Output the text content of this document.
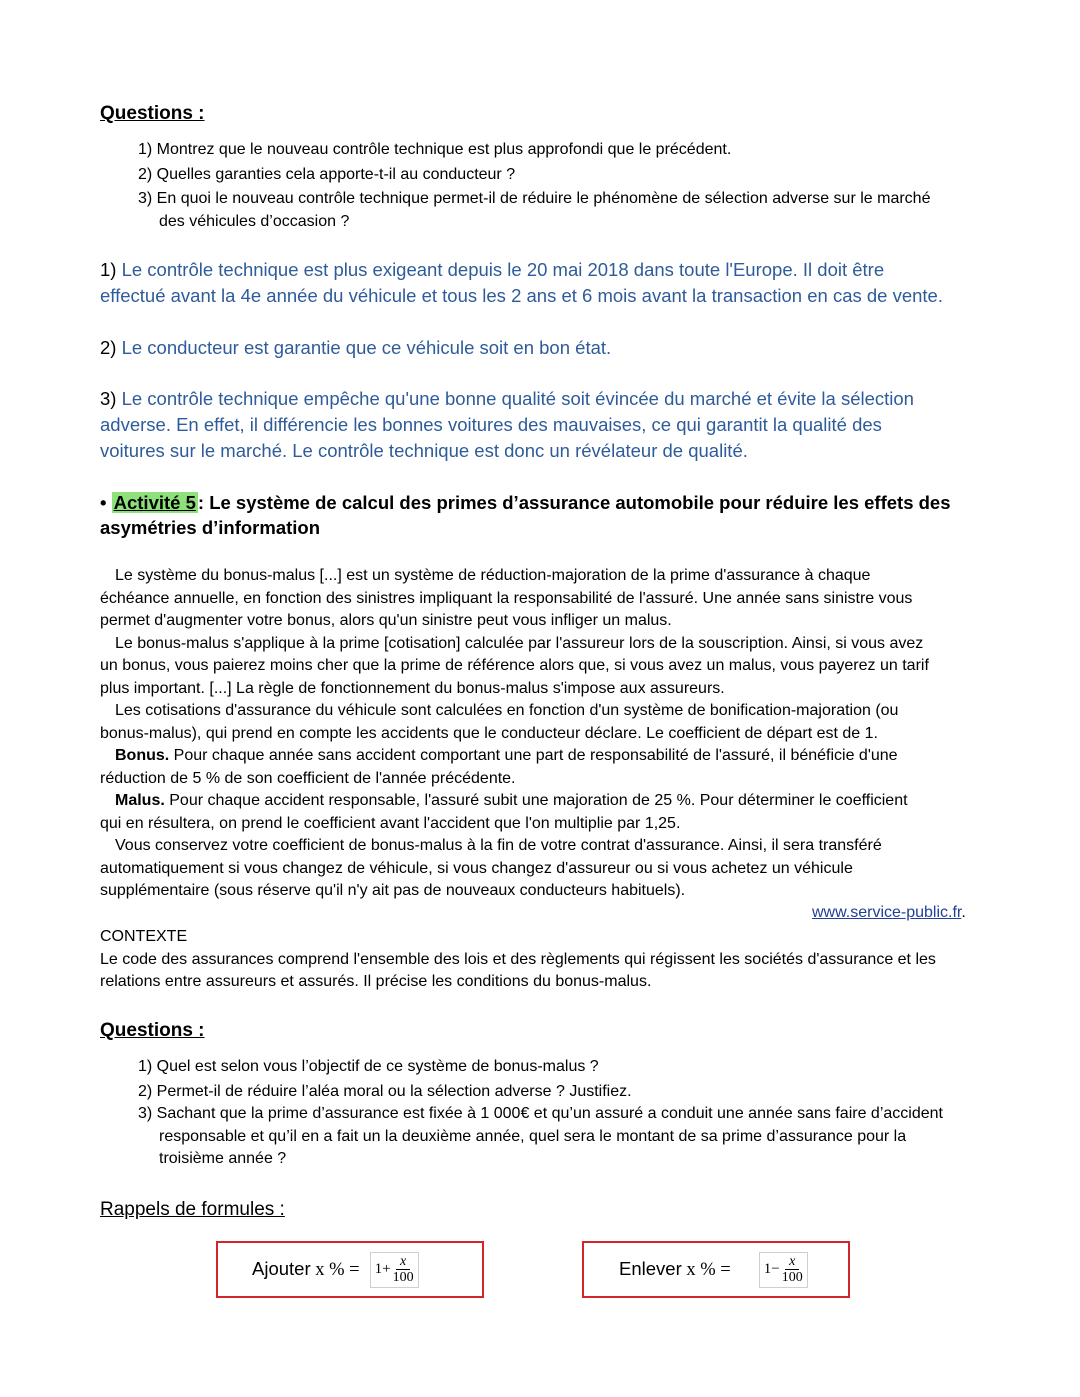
Questions :
1) Montrez que le nouveau contrôle technique est plus approfondi que le précédent.
2) Quelles garanties cela apporte-t-il au conducteur ?
3) En quoi le nouveau contrôle technique permet-il de réduire le phénomène de sélection adverse sur le marché
des véhicules d’occasion ?
1) Le contrôle technique est plus exigeant depuis le 20 mai 2018 dans toute l'Europe. Il doit être
effectué avant la 4e année du véhicule et tous les 2 ans et 6 mois avant la transaction en cas de vente.
2) Le conducteur est garantie que ce véhicule soit en bon état.
3) Le contrôle technique empêche qu'une bonne qualité soit évincée du marché et évite la sélection
adverse. En effet, il différencie les bonnes voitures des mauvaises, ce qui garantit la qualité des
voitures sur le marché. Le contrôle technique est donc un révélateur de qualité.
• Activité 5 : Le système de calcul des primes d’assurance automobile pour réduire les effets des
asymétries d’information
Le système du bonus-malus [...] est un système de réduction-majoration de la prime d'assurance à chaque
échéance annuelle, en fonction des sinistres impliquant la responsabilité de l'assuré. Une année sans sinistre vous
permet d'augmenter votre bonus, alors qu'un sinistre peut vous infliger un malus.
Le bonus-malus s'applique à la prime [cotisation] calculée par l'assureur lors de la souscription. Ainsi, si vous avez
un bonus, vous paierez moins cher que la prime de référence alors que, si vous avez un malus, vous payerez un tarif
plus important. [...] La règle de fonctionnement du bonus-malus s'impose aux assureurs.
Les cotisations d'assurance du véhicule sont calculées en fonction d'un système de bonification-majoration (ou
bonus-malus), qui prend en compte les accidents que le conducteur déclare. Le coefficient de départ est de 1.
Bonus. Pour chaque année sans accident comportant une part de responsabilité de l'assuré, il bénéficie d'une
réduction de 5 % de son coefficient de l'année précédente.
Malus. Pour chaque accident responsable, l'assuré subit une majoration de 25 %. Pour déterminer le coefficient
qui en résultera, on prend le coefficient avant l'accident que l'on multiplie par 1,25.
Vous conservez votre coefficient de bonus-malus à la fin de votre contrat d'assurance. Ainsi, il sera transféré
automatiquement si vous changez de véhicule, si vous changez d'assureur ou si vous achetez un véhicule
supplémentaire (sous réserve qu'il n'y ait pas de nouveaux conducteurs habituels).
www.service-public.fr.
CONTEXTE
Le code des assurances comprend l'ensemble des lois et des règlements qui régissent les sociétés d'assurance et les
relations entre assureurs et assurés. Il précise les conditions du bonus-malus.
Questions :
1) Quel est selon vous l’objectif de ce système de bonus-malus ?
2) Permet-il de réduire l’aléa moral ou la sélection adverse ? Justifiez.
3) Sachant que la prime d’assurance est fixée à 1 000€ et qu’un assuré a conduit une année sans faire d’accident
responsable et qu’il en a fait un la deuxième année, quel sera le montant de sa prime d’assurance pour la
troisième année ?
Rappels de formules :
Ajouter x % = $1+ \frac{x}{100}$	Enlever x % = $1- \frac{x}{100}$
